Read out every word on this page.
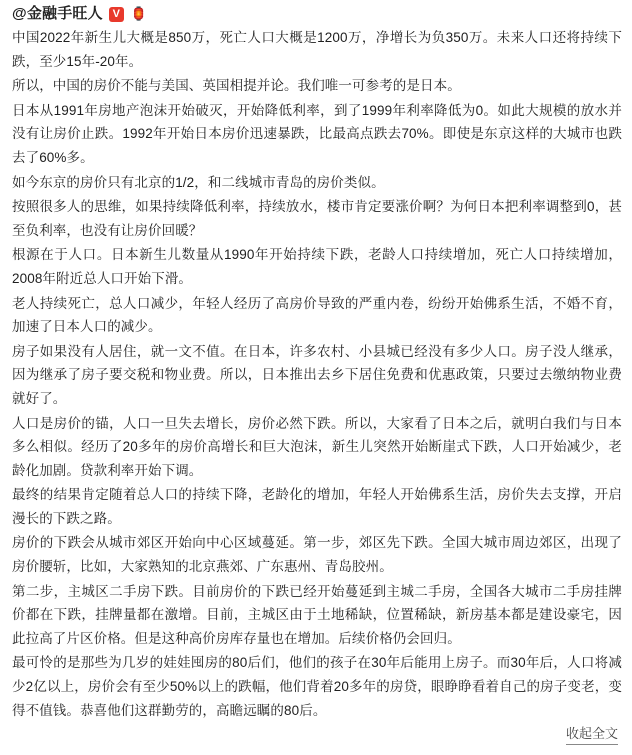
@金融手旺人 V 🏮

中国2022年新生儿大概是850万，死亡人口大概是1200万，净增长为负350万。未来人口还将持续下跌，至少15年-20年。

所以，中国的房价不能与美国、英国相提并论。我们唯一可参考的是日本。

日本从1991年房地产泡沫开始破灭，开始降低利率，到了1999年利率降低为0。如此大规模的放水并没有让房价止跌。1992年开始日本房价迅速暴跌，比最高点跌去70%。即使是东京这样的大城市也跌去了60%多。

如今东京的房价只有北京的1/2，和二线城市青岛的房价类似。

按照很多人的思维，如果持续降低利率，持续放水，楼市肯定要涨价啊？为何日本把利率调整到0，甚至负利率，也没有让房价回暖？

根源在于人口。日本新生儿数量从1990年开始持续下跌，老龄人口持续增加，死亡人口持续增加，2008年附近总人口开始下滑。

老人持续死亡，总人口减少，年轻人经历了高房价导致的严重内卷，纷纷开始佛系生活，不婚不育，加速了日本人口的减少。

房子如果没有人居住，就一文不值。在日本，许多农村、小县城已经没有多少人口。房子没人继承，因为继承了房子要交税和物业费。所以，日本推出去乡下居住免费和优惠政策，只要过去缴纳物业费就好了。

人口是房价的锚，人口一旦失去增长，房价必然下跌。所以，大家看了日本之后，就明白我们与日本多么相似。经历了20多年的房价高增长和巨大泡沫，新生儿突然开始断崖式下跌，人口开始减少，老龄化加剧。贷款利率开始下调。

最终的结果肯定随着总人口的持续下降，老龄化的增加，年轻人开始佛系生活，房价失去支撑，开启漫长的下跌之路。

房价的下跌会从城市郊区开始向中心区域蔓延。第一步，郊区先下跌。全国大城市周边郊区，出现了房价腰斩，比如，大家熟知的北京燕郊、广东惠州、青岛胶州。

第二步，主城区二手房下跌。目前房价的下跌已经开始蔓延到主城二手房，全国各大城市二手房挂牌价都在下跌，挂牌量都在激增。目前，主城区由于土地稀缺，位置稀缺，新房基本都是建设豪宅，因此拉高了片区价格。但是这种高价房库存量也在增加。后续价格仍会回归。

最可怜的是那些为几岁的娃娃囤房的80后们，他们的孩子在30年后能用上房子。而30年后，人口将减少2亿以上，房价会有至少50%以上的跌幅，他们背着20多年的房贷，眼睁睁看着自己的房子变老，变得不值钱。恭喜他们这群勤劳的，高瞻远瞩的80后。

收起全文
